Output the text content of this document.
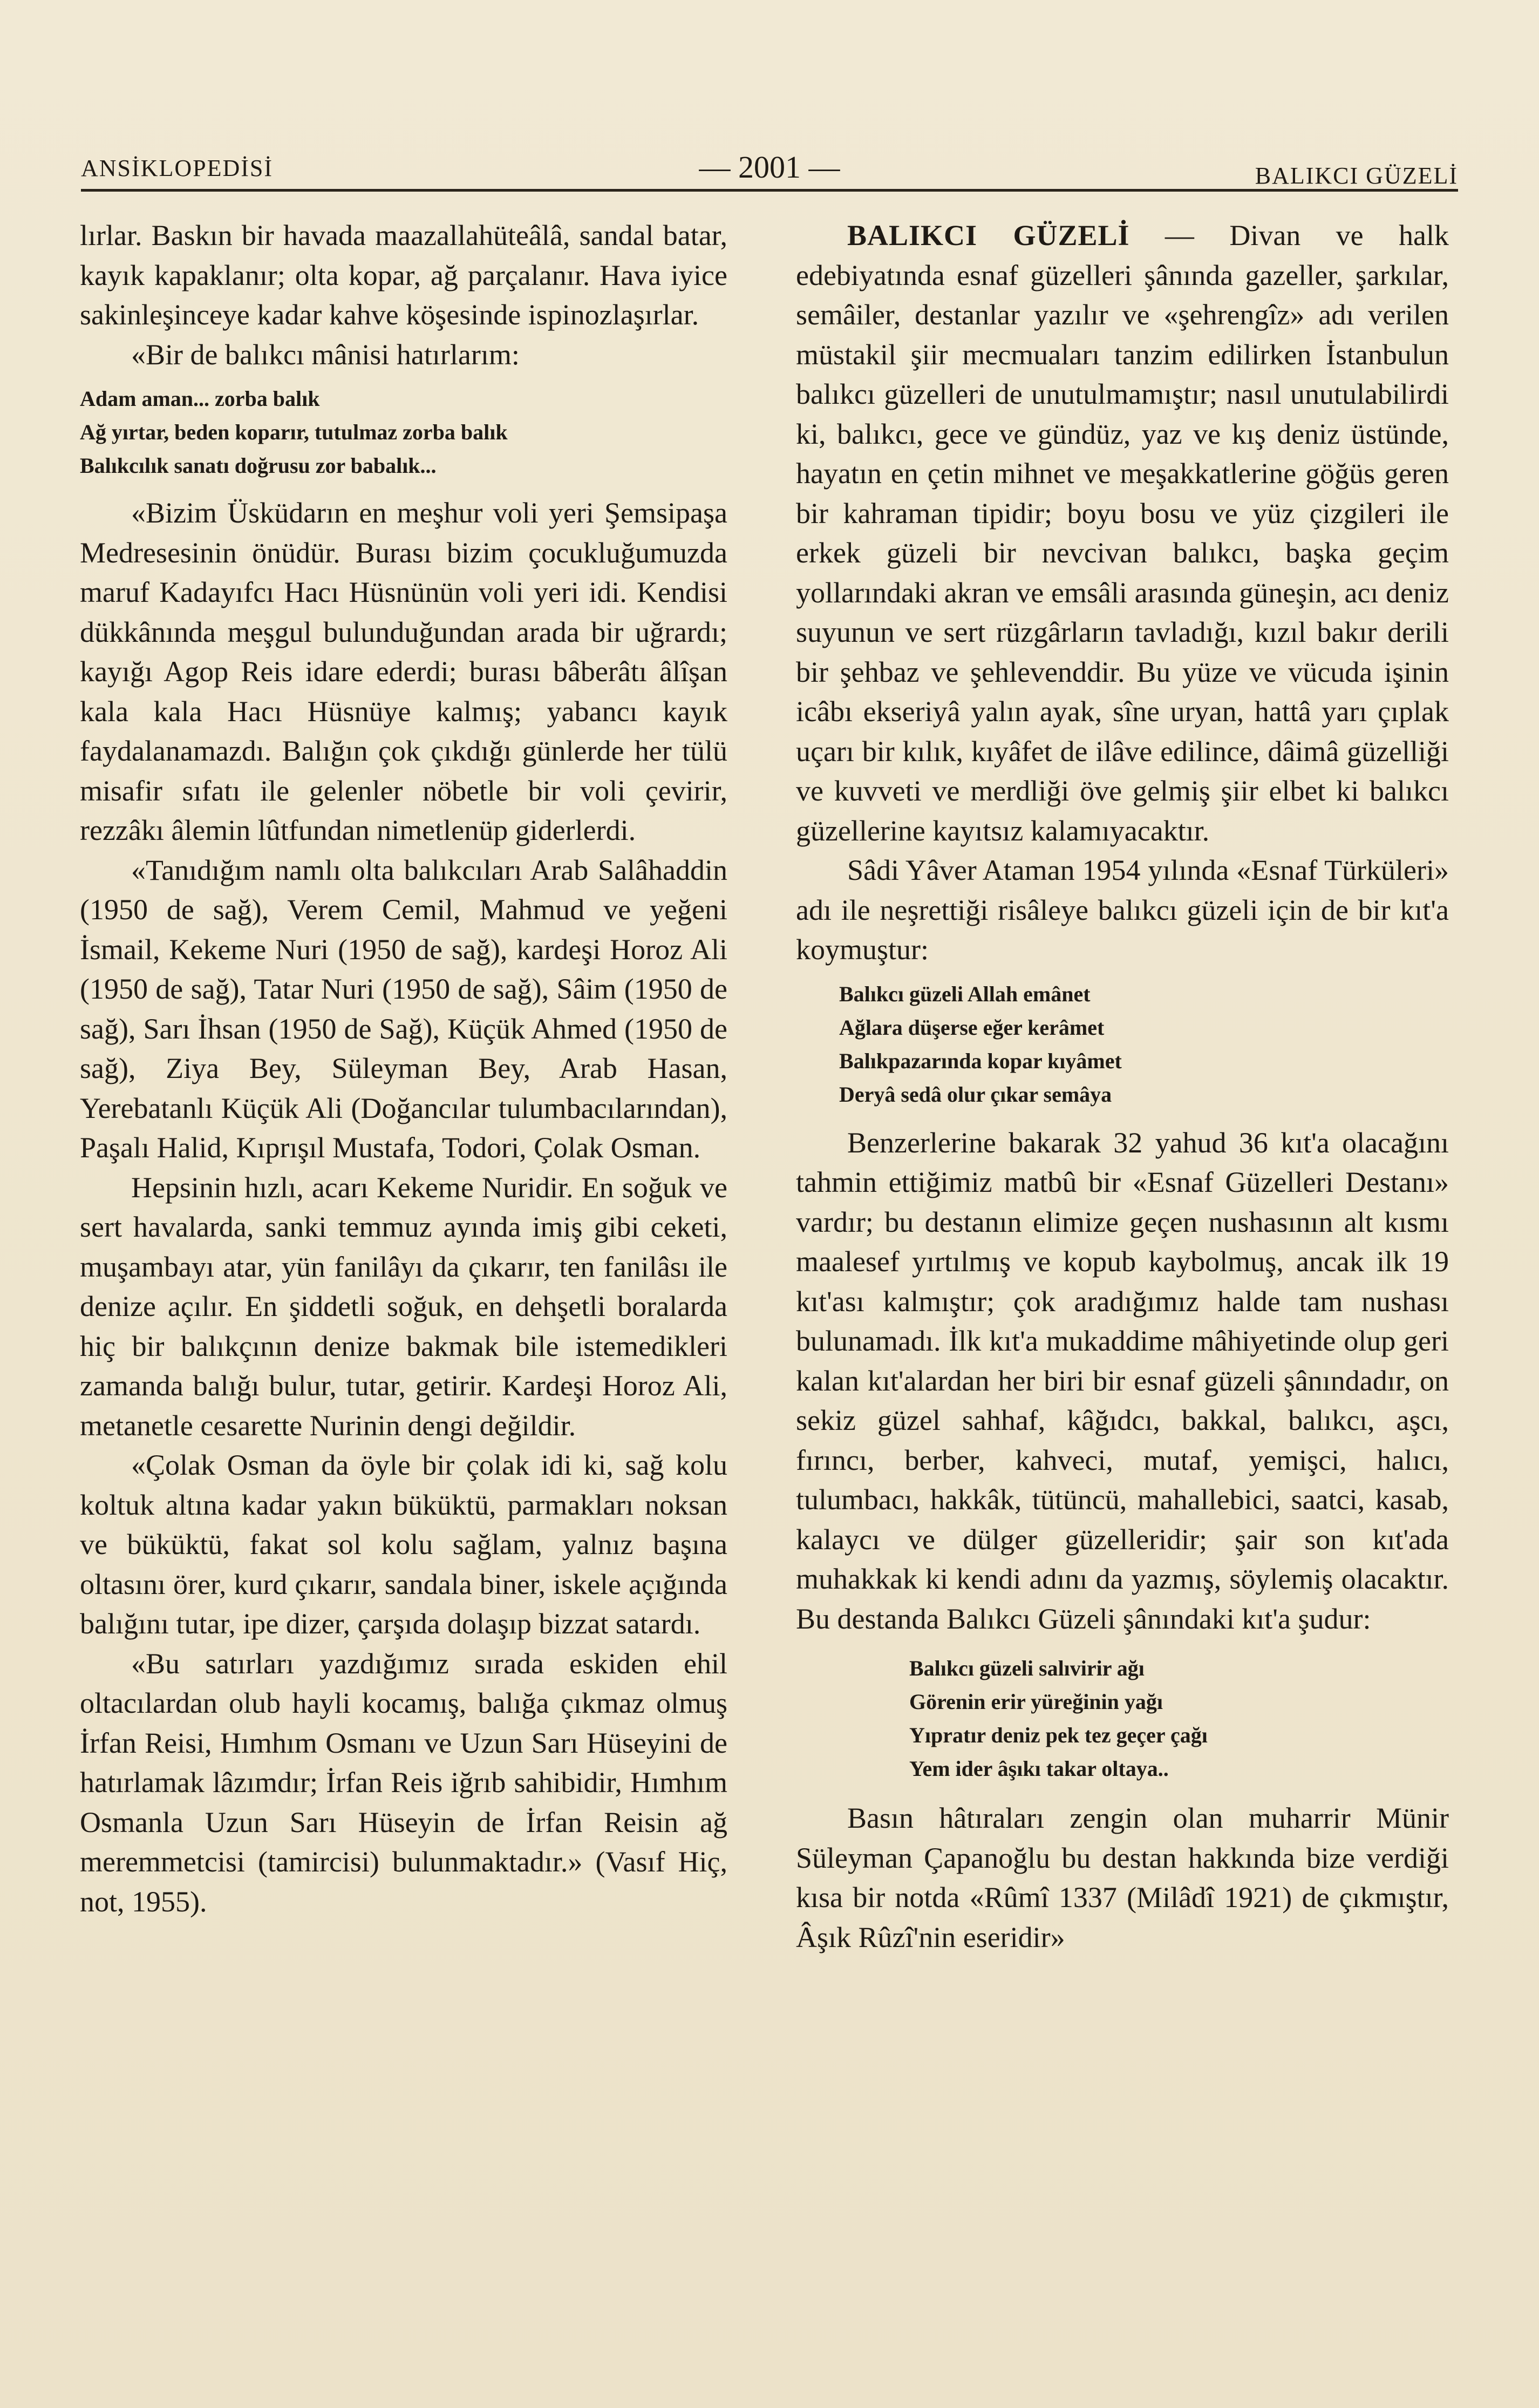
ANSİKLOPEDİSİ	— 2001 —	BALIKCI GÜZELİ

lırlar. Baskın bir havada maazallahüteâlâ, sandal batar, kayık kapaklanır; olta kopar, ağ parçalanır. Hava iyice sakinleşinceye kadar kahve köşesinde ispinozlaşırlar.

«Bir de balıkcı mânisi hatırlarım:

Adam aman... zorba balık
Ağ yırtar, beden koparır, tutulmaz zorba balık
Balıkcılık sanatı doğrusu zor babalık...

«Bizim Üsküdarın en meşhur voli yeri Şemsipaşa Medresesinin önüdür. Burası bizim çocukluğumuzda maruf Kadayıfcı Hacı Hüsnünün voli yeri idi. Kendisi dükkânında meşgul bulunduğundan arada bir uğrardı; kayığı Agop Reis idare ederdi; burası bâberâtı âlîşan kala kala Hacı Hüsnüye kalmış; yabancı kayık faydalanamazdı. Balığın çok çıkdığı günlerde her tülü misafir sıfatı ile gelenler nöbetle bir voli çevirir, rezzâkı âlemin lûtfundan nimetlenüp giderlerdi.

«Tanıdığım namlı olta balıkcıları Arab Salâhaddin (1950 de sağ), Verem Cemil, Mahmud ve yeğeni İsmail, Kekeme Nuri (1950 de sağ), kardeşi Horoz Ali (1950 de sağ), Tatar Nuri (1950 de sağ), Sâim (1950 de sağ), Sarı İhsan (1950 de Sağ), Küçük Ahmed (1950 de sağ), Ziya Bey, Süleyman Bey, Arab Hasan, Yerebatanlı Küçük Ali (Doğancılar tulumbacılarından), Paşalı Halid, Kıprışıl Mustafa, Todori, Çolak Osman.

Hepsinin hızlı, acarı Kekeme Nuridir. En soğuk ve sert havalarda, sanki temmuz ayında imiş gibi ceketi, muşambayı atar, yün fanilâyı da çıkarır, ten fanilâsı ile denize açılır. En şiddetli soğuk, en dehşetli boralarda hiç bir balıkçının denize bakmak bile istemedikleri zamanda balığı bulur, tutar, getirir. Kardeşi Horoz Ali, metanetle cesarette Nurinin dengi değildir.

«Çolak Osman da öyle bir çolak idi ki, sağ kolu koltuk altına kadar yakın büküktü, parmakları noksan ve büküktü, fakat sol kolu sağlam, yalnız başına oltasını örer, kurd çıkarır, sandala biner, iskele açığında balığını tutar, ipe dizer, çarşıda dolaşıp bizzat satardı.

«Bu satırları yazdığımız sırada eskiden ehil oltacılardan olub hayli kocamış, balığa çıkmaz olmuş İrfan Reisi, Hımhım Osmanı ve Uzun Sarı Hüseyini de hatırlamak lâzımdır; İrfan Reis iğrıb sahibidir, Hımhım Osmanla Uzun Sarı Hüseyin de İrfan Reisin ağ meremmetcisi (tamircisi) bulunmaktadır.» (Vasıf Hiç, not, 1955).

BALIKCI GÜZELİ — Divan ve halk edebiyatında esnaf güzelleri şânında gazeller, şarkılar, semâiler, destanlar yazılır ve «şehrengîz» adı verilen müstakil şiir mecmuaları tanzim edilirken İstanbulun balıkcı güzelleri de unutulmamıştır; nasıl unutulabilirdi ki, balıkcı, gece ve gündüz, yaz ve kış deniz üstünde, hayatın en çetin mihnet ve meşakkatlerine göğüs geren bir kahraman tipidir; boyu bosu ve yüz çizgileri ile erkek güzeli bir nevcivan balıkcı, başka geçim yollarındaki akran ve emsâli arasında güneşin, acı deniz suyunun ve sert rüzgârların tavladığı, kızıl bakır derili bir şehbaz ve şehlevenddir. Bu yüze ve vücuda işinin icâbı ekseriyâ yalın ayak, sîne uryan, hattâ yarı çıplak uçarı bir kılık, kıyâfet de ilâve edilince, dâimâ güzelliği ve kuvveti ve merdliği öve gelmiş şiir elbet ki balıkcı güzellerine kayıtsız kalamıyacaktır.

Sâdi Yâver Ataman 1954 yılında «Esnaf Türküleri» adı ile neşrettiği risâleye balıkcı güzeli için de bir kıt'a koymuştur:

Balıkcı güzeli Allah emânet
Ağlara düşerse eğer kerâmet
Balıkpazarında kopar kıyâmet
Deryâ sedâ olur çıkar semâya

Benzerlerine bakarak 32 yahud 36 kıt'a olacağını tahmin ettiğimiz matbû bir «Esnaf Güzelleri Destanı» vardır; bu destanın elimize geçen nushasının alt kısmı maalesef yırtılmış ve kopub kaybolmuş, ancak ilk 19 kıt'ası kalmıştır; çok aradığımız halde tam nushası bulunamadı. İlk kıt'a mukaddime mâhiyetinde olup geri kalan kıt'alardan her biri bir esnaf güzeli şânındadır, on sekiz güzel sahhaf, kâğıdcı, bakkal, balıkcı, aşcı, fırıncı, berber, kahveci, mutaf, yemişci, halıcı, tulumbacı, hakkâk, tütüncü, mahallebici, saatci, kasab, kalaycı ve dülger güzelleridir; şair son kıt'ada muhakkak ki kendi adını da yazmış, söylemiş olacaktır. Bu destanda Balıkcı Güzeli şânındaki kıt'a şudur:

Balıkcı güzeli salıvirir ağı
Görenin erir yüreğinin yağı
Yıpratır deniz pek tez geçer çağı
Yem ider âşıkı takar oltaya..

Basın hâtıraları zengin olan muharrir Münir Süleyman Çapanoğlu bu destan hakkında bize verdiği kısa bir notda «Rûmî 1337 (Milâdî 1921) de çıkmıştır, Âşık Rûzî'nin eseridir»
